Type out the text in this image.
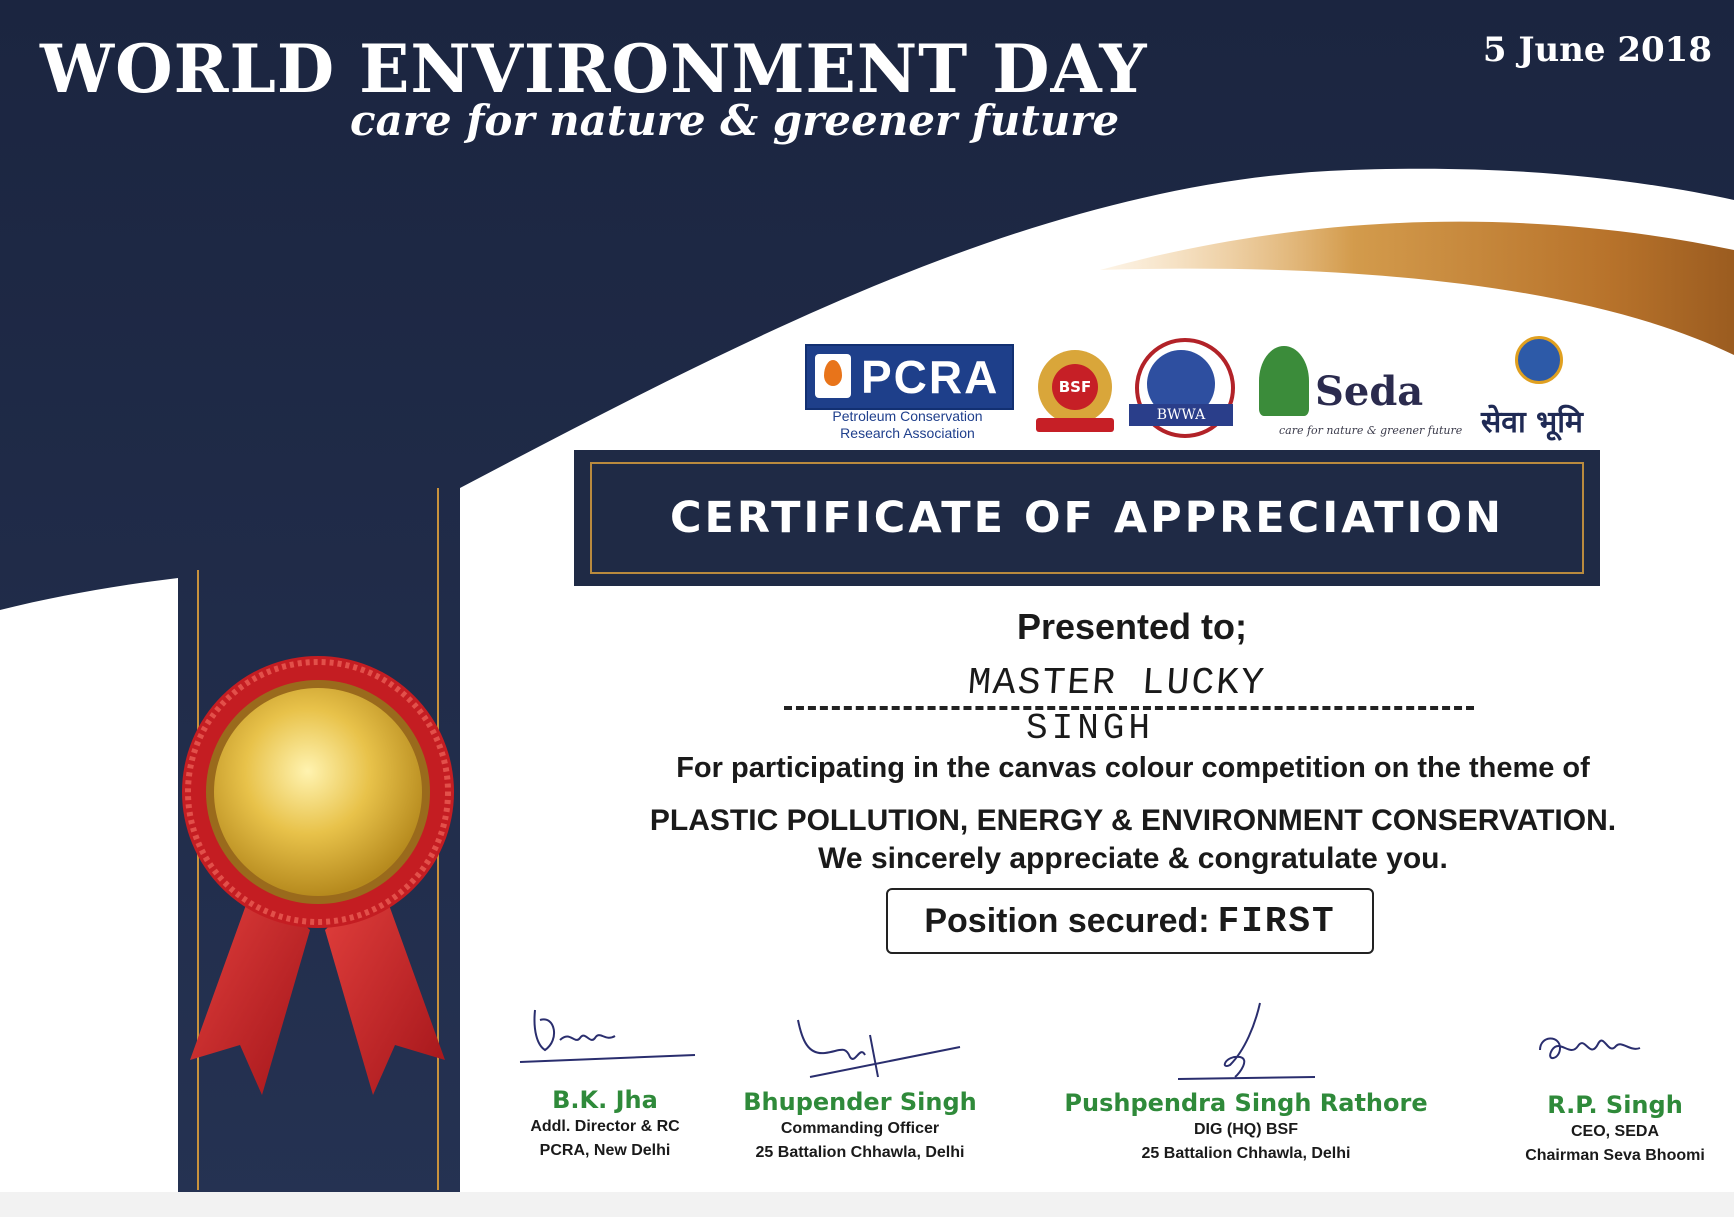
WORLD ENVIRONMENT DAY
care for nature & greener future
5 June 2018
PCRA
Petroleum Conservation
Research Association
BSF
BWWA	Seda
care for nature & greener future सेवा भूमि
CERTIFICATE OF APPRECIATION
Presented to;
MASTER LUCKY
SINGH
For participating in the canvas colour competition on the theme of
PLASTIC POLLUTION, ENERGY & ENVIRONMENT CONSERVATION.
We sincerely appreciate & congratulate you.
Position secured: FIRST
B.K. Jha
Addl. Director & RC
PCRA, New Delhi
Bhupender Singh
Commanding Officer
25 Battalion Chhawla, Delhi
Pushpendra Singh Rathore
DIG (HQ) BSF
25 Battalion Chhawla, Delhi
R.P. Singh
CEO, SEDA
Chairman Seva Bhoomi
